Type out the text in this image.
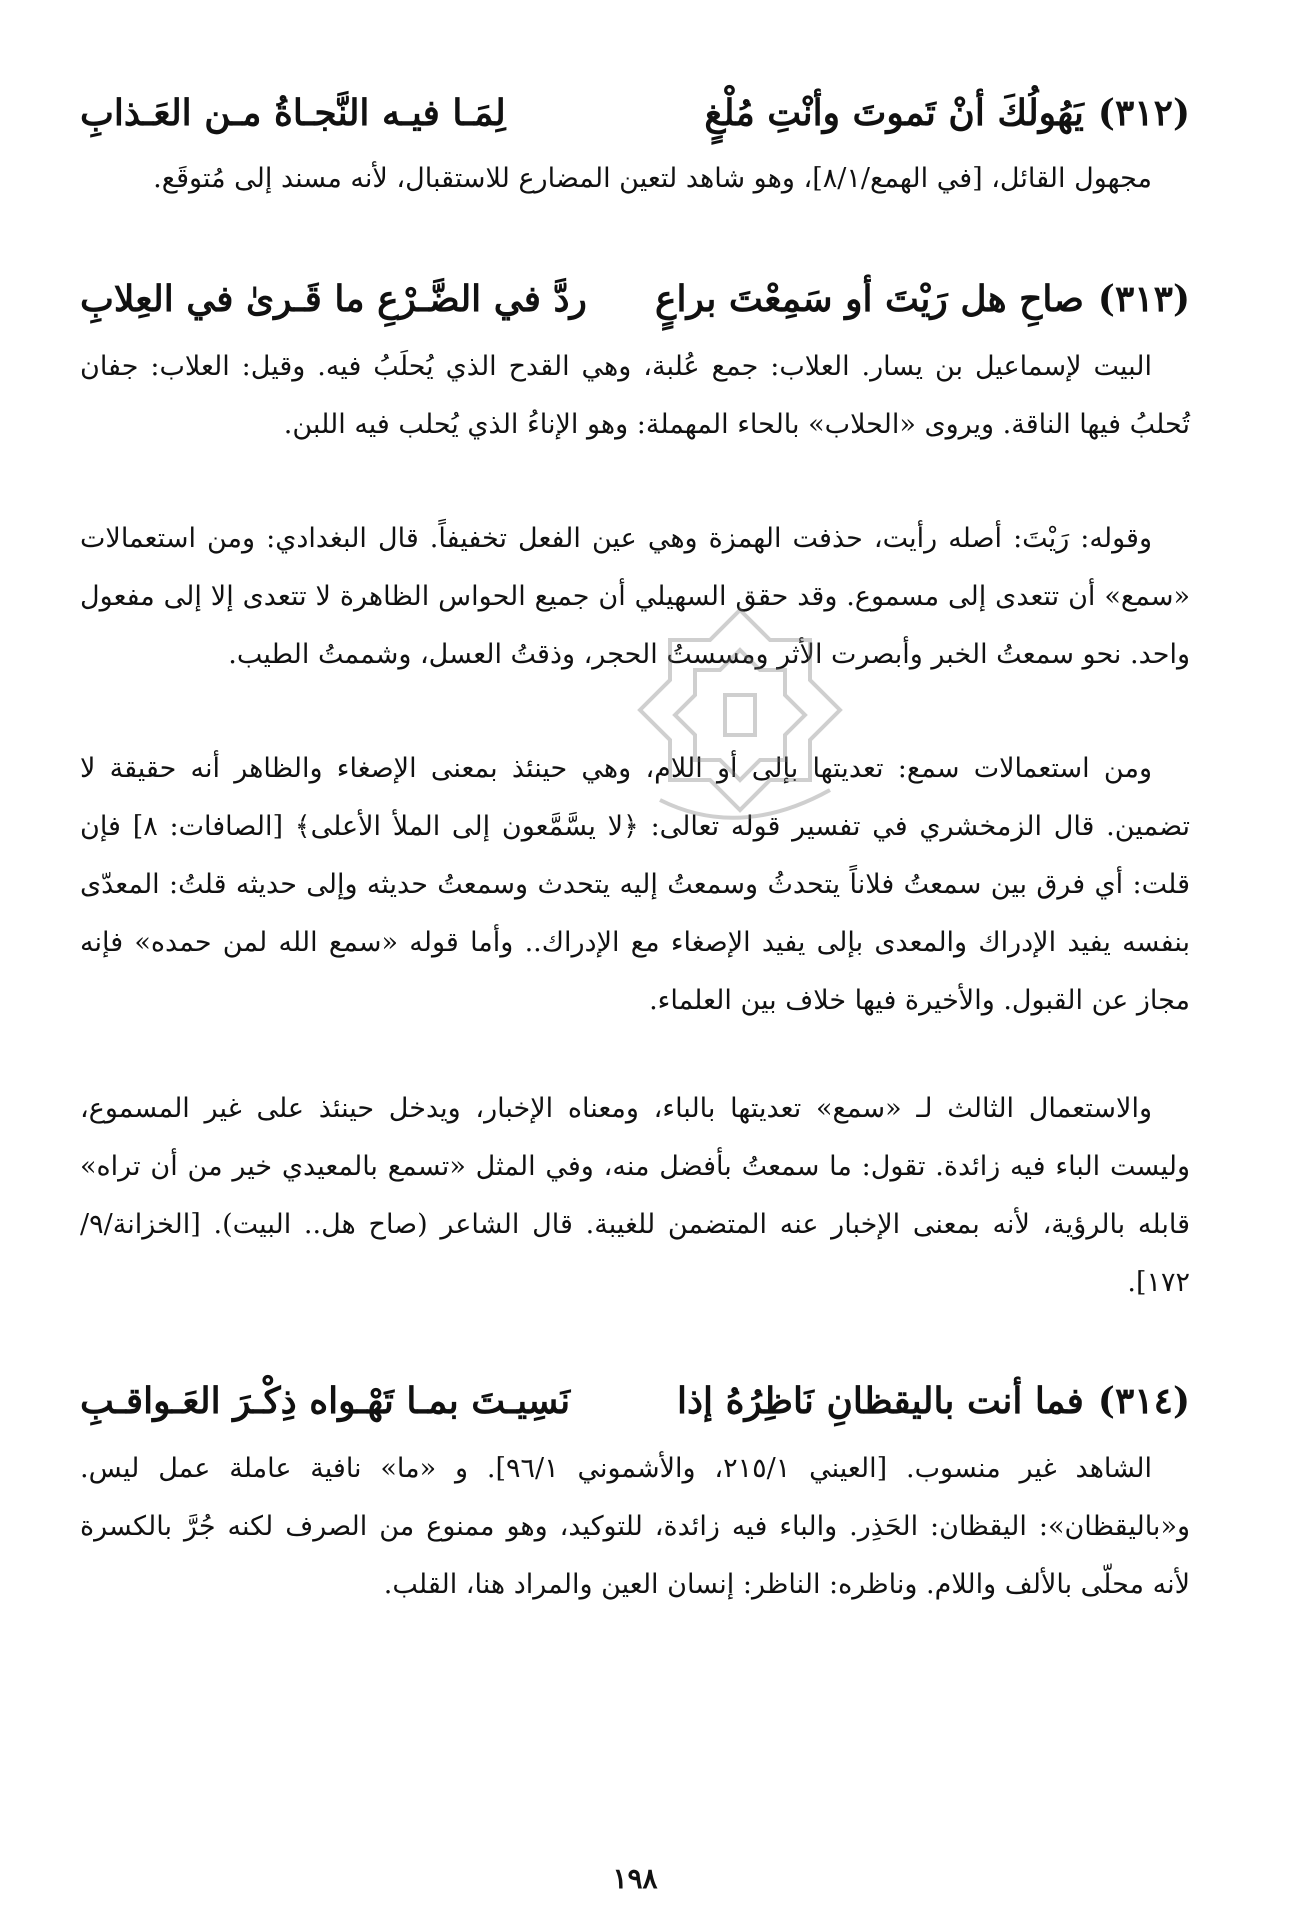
(٣١٢)
يَهُولُكَ أنْ تَموتَ وأنْتِ مُلْغٍ
لِمَـا فيـه النَّجـاةُ مـن العَـذابِ

مجهول القائل، [في الهمع/٨/١]، وهو شاهد لتعين المضارع للاستقبال، لأنه مسند إلى مُتوقَع.

(٣١٣)
صاحِ هل رَيْتَ أو سَمِعْتَ براعٍ
ردَّ في الضَّـرْعِ ما قَـرىٰ في العِلابِ

البيت لإسماعيل بن يسار. العلاب: جمع عُلبة، وهي القدح الذي يُحلَبُ فيه. وقيل: العلاب: جفان تُحلبُ فيها الناقة. ويروى «الحلاب» بالحاء المهملة: وهو الإناءُ الذي يُحلب فيه اللبن.

وقوله: رَيْتَ: أصله رأيت، حذفت الهمزة وهي عين الفعل تخفيفاً. قال البغدادي: ومن استعمالات «سمع» أن تتعدى إلى مسموع. وقد حقق السهيلي أن جميع الحواس الظاهرة لا تتعدى إلا إلى مفعول واحد. نحو سمعتُ الخبر وأبصرت الأثر ومسستُ الحجر، وذقتُ العسل، وشممتُ الطيب.

ومن استعمالات سمع: تعديتها بإلى أو اللام، وهي حينئذ بمعنى الإصغاء والظاهر أنه حقيقة لا تضمين. قال الزمخشري في تفسير قوله تعالى: ﴿لا يسَّمَّعون إلى الملأ الأعلى﴾ [الصافات: ٨] فإن قلت: أي فرق بين سمعتُ فلاناً يتحدثُ وسمعتُ إليه يتحدث وسمعتُ حديثه وإلى حديثه قلتُ: المعدّى بنفسه يفيد الإدراك والمعدى بإلى يفيد الإصغاء مع الإدراك.. وأما قوله «سمع الله لمن حمده» فإنه مجاز عن القبول. والأخيرة فيها خلاف بين العلماء.

والاستعمال الثالث لـ «سمع» تعديتها بالباء، ومعناه الإخبار، ويدخل حينئذ على غير المسموع، وليست الباء فيه زائدة. تقول: ما سمعتُ بأفضل منه، وفي المثل «تسمع بالمعيدي خير من أن تراه» قابله بالرؤية، لأنه بمعنى الإخبار عنه المتضمن للغيبة. قال الشاعر (صاح هل.. البيت). [الخزانة/٩/ ١٧٢].

(٣١٤)
فما أنت باليقظانِ نَاظِرُهُ إذا
نَسِيـتَ بمـا تَهْـواه ذِكْـرَ العَـواقـبِ

الشاهد غير منسوب. [العيني ٢١٥/١، والأشموني ٩٦/١]. و «ما» نافية عاملة عمل ليس. و«باليقظان»: اليقظان: الحَذِر. والباء فيه زائدة، للتوكيد، وهو ممنوع من الصرف لكنه جُرَّ بالكسرة لأنه محلّى بالألف واللام. وناظره: الناظر: إنسان العين والمراد هنا، القلب.

١٩٨
